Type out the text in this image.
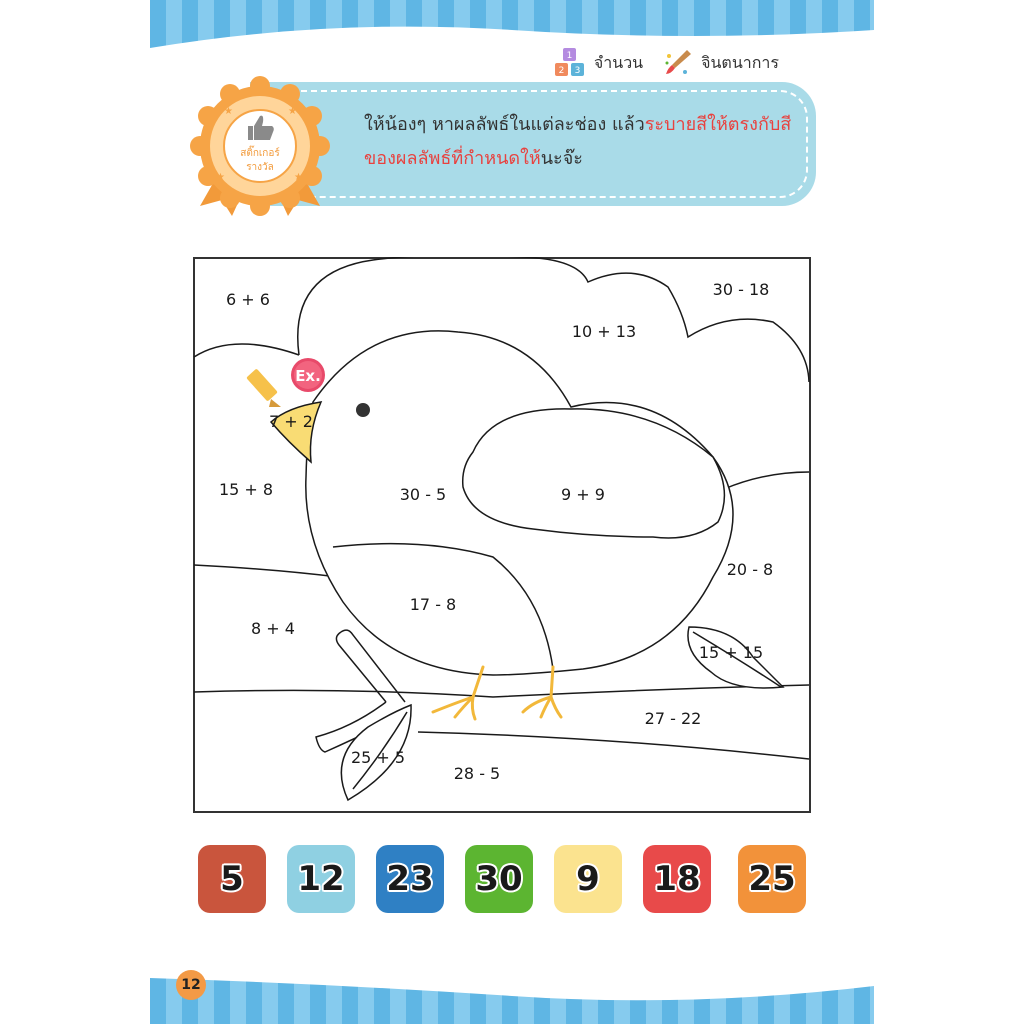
1
2 3 จำนวน	จินตนาการ
ให้น้องๆ หาผลลัพธ์ในแต่ละช่อง แล้วระบายสีให้ตรงกับสีของผลลัพธ์ที่กำหนดให้นะจ๊ะ
★	★
★	★
สติ๊กเกอร์
รางวัล
Ex.
6 + 6
30 - 18
10 + 13
7 + 2
15 + 8	30 - 5	9 + 9
20 - 8
17 - 8
8 + 4
15 + 15
27 - 22
25 + 5
28 - 5
5 12 23 30 9 18 25
12
